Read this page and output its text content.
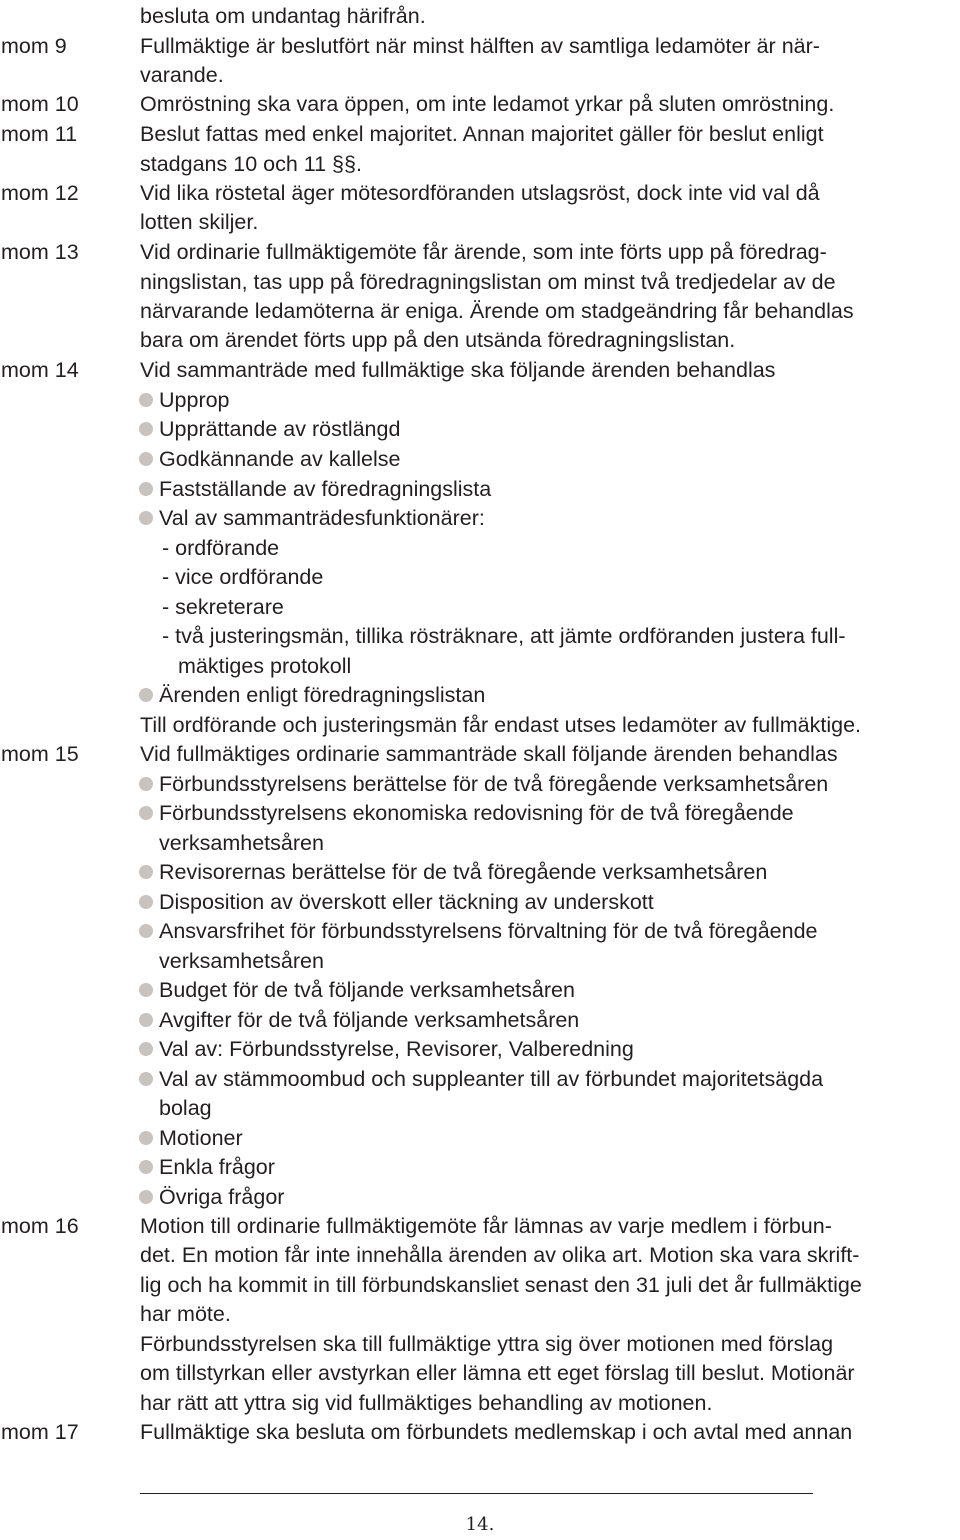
besluta om undantag härifrån.
mom 9	Fullmäktige är beslutfört när minst hälften av samtliga ledamöter är när-
varande.
mom 10	Omröstning ska vara öppen, om inte ledamot yrkar på sluten omröstning.
mom 11	Beslut fattas med enkel majoritet. Annan majoritet gäller för beslut enligt
stadgans 10 och 11 §§.
mom 12	Vid lika röstetal äger mötesordföranden utslagsröst, dock inte vid val då
lotten skiljer.
mom 13	Vid ordinarie fullmäktigemöte får ärende, som inte förts upp på föredrag-
ningslistan, tas upp på föredragningslistan om minst två tredjedelar av de
närvarande ledamöterna är eniga. Ärende om stadgeändring får behandlas
bara om ärendet förts upp på den utsända föredragningslistan.
mom 14	Vid sammanträde med fullmäktige ska följande ärenden behandlas
Upprop
Upprättande av röstlängd
Godkännande av kallelse
Fastställande av föredragningslista
Val av sammanträdesfunktionärer:
- ordförande
- vice ordförande
- sekreterare
- två justeringsmän, tillika rösträknare, att jämte ordföranden justera full-
mäktiges protokoll
Ärenden enligt föredragningslistan
Till ordförande och justeringsmän får endast utses ledamöter av fullmäktige.
mom 15	Vid fullmäktiges ordinarie sammanträde skall följande ärenden behandlas
Förbundsstyrelsens berättelse för de två föregående verksamhetsåren
Förbundsstyrelsens ekonomiska redovisning för de två föregående
verksamhetsåren
Revisorernas berättelse för de två föregående verksamhetsåren
Disposition av överskott eller täckning av underskott
Ansvarsfrihet för förbundsstyrelsens förvaltning för de två föregående
verksamhetsåren
Budget för de två följande verksamhetsåren
Avgifter för de två följande verksamhetsåren
Val av: Förbundsstyrelse, Revisorer, Valberedning
Val av stämmoombud och suppleanter till av förbundet majoritetsägda
bolag
Motioner
Enkla frågor
Övriga frågor
mom 16	Motion till ordinarie fullmäktigemöte får lämnas av varje medlem i förbun-
det. En motion får inte innehålla ärenden av olika art. Motion ska vara skrift-
lig och ha kommit in till förbundskansliet senast den 31 juli det år fullmäktige
har möte.
Förbundsstyrelsen ska till fullmäktige yttra sig över motionen med förslag
om tillstyrkan eller avstyrkan eller lämna ett eget förslag till beslut. Motionär
har rätt att yttra sig vid fullmäktiges behandling av motionen.
mom 17	Fullmäktige ska besluta om förbundets medlemskap i och avtal med annan
14.
